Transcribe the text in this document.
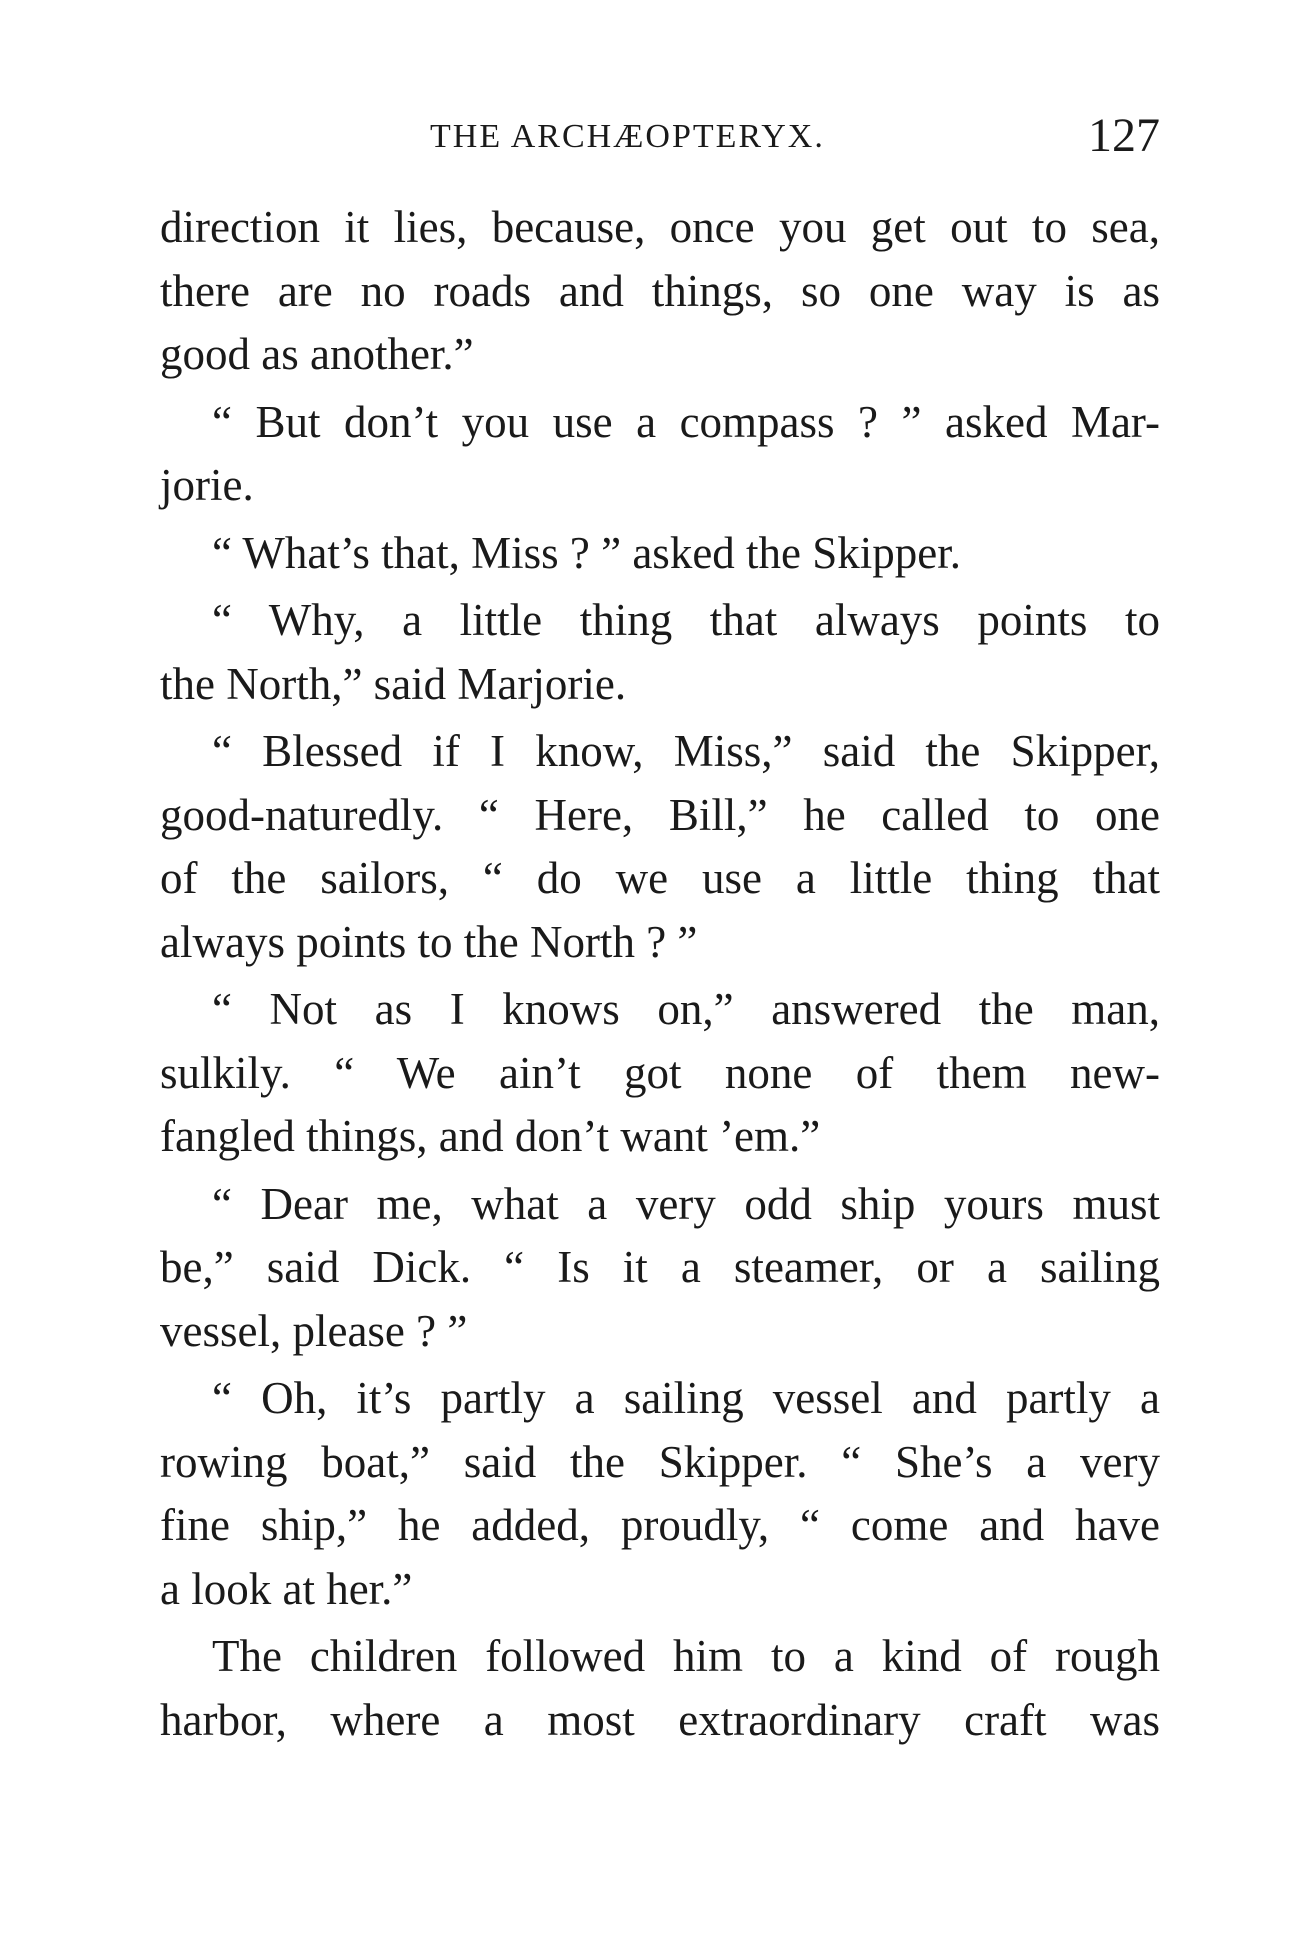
THE ARCHÆOPTERYX.	127
direction it lies, because, once you get out to sea,
there are no roads and things, so one way is as
good as another.”
“ But don’t you use a compass ? ” asked Mar-
jorie.
“ What’s that, Miss ? ” asked the Skipper.
“ Why, a little thing that always points to
the North,” said Marjorie.
“ Blessed if I know, Miss,” said the Skipper,
good-naturedly. “ Here, Bill,” he called to one
of the sailors, “ do we use a little thing that
always points to the North ? ”
“ Not as I knows on,” answered the man,
sulkily. “ We ain’t got none of them new-
fangled things, and don’t want ’em.”
“ Dear me, what a very odd ship yours must
be,” said Dick. “ Is it a steamer, or a sailing
vessel, please ? ”
“ Oh, it’s partly a sailing vessel and partly a
rowing boat,” said the Skipper. “ She’s a very
fine ship,” he added, proudly, “ come and have
a look at her.”
The children followed him to a kind of rough
harbor, where a most extraordinary craft was
